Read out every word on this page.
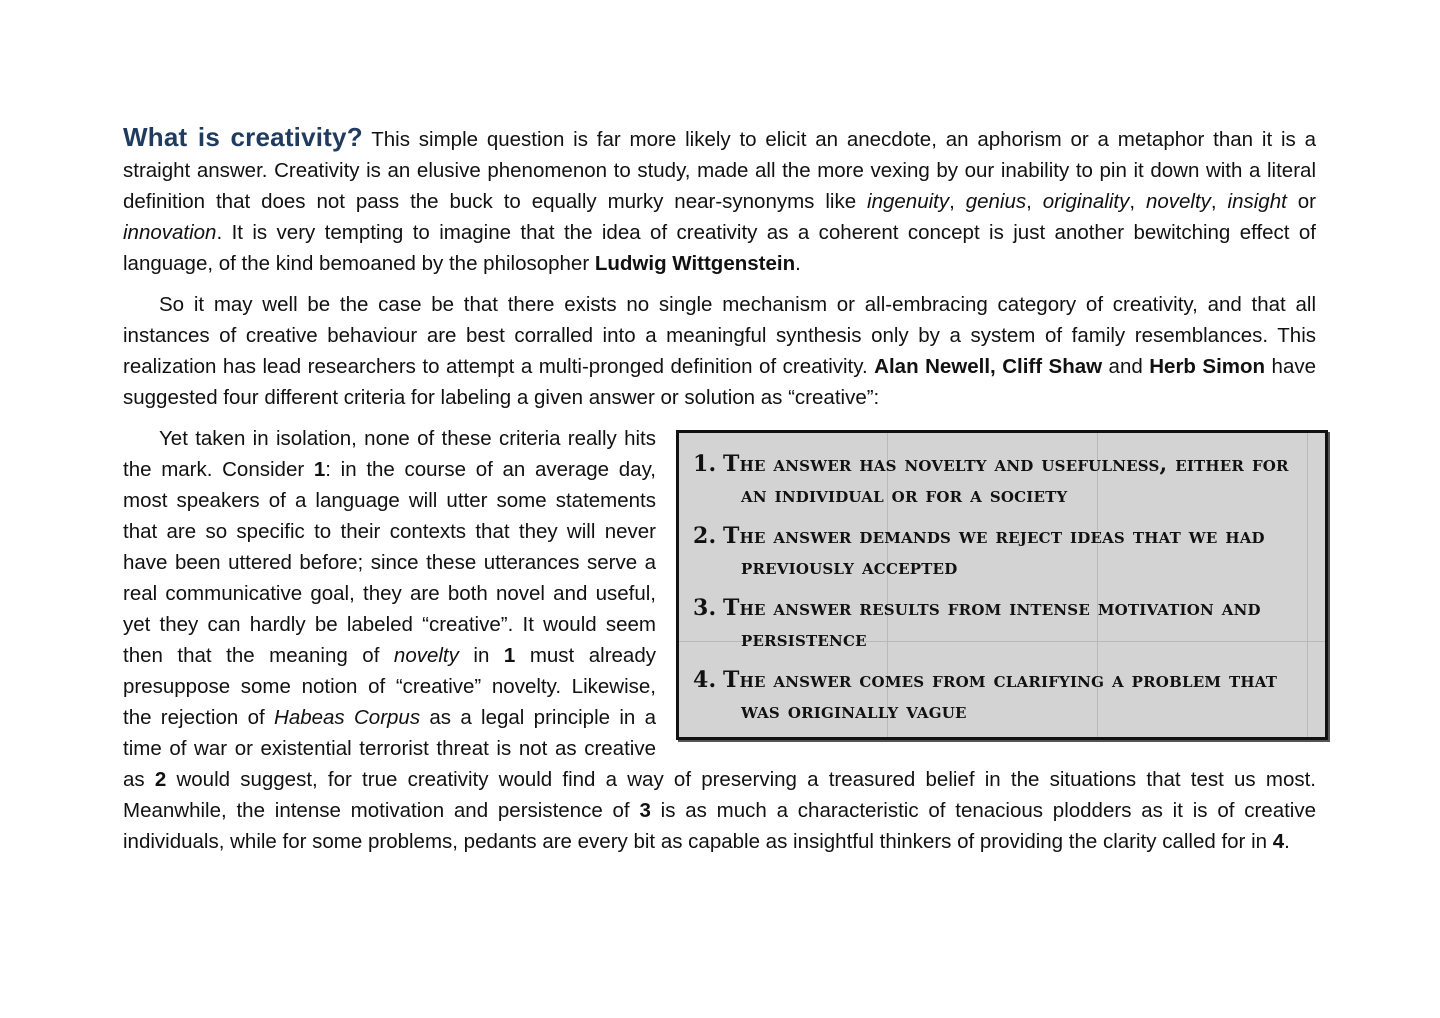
What is creativity? This simple question is far more likely to elicit an anecdote, an aphorism or a metaphor than it is a straight answer. Creativity is an elusive phenomenon to study, made all the more vexing by our inability to pin it down with a literal definition that does not pass the buck to equally murky near-synonyms like ingenuity, genius, originality, novelty, insight or innovation. It is very tempting to imagine that the idea of creativity as a coherent concept is just another bewitching effect of language, of the kind bemoaned by the philosopher Ludwig Wittgenstein.

So it may well be the case be that there exists no single mechanism or all-embracing category of creativity, and that all instances of creative behaviour are best corralled into a meaningful synthesis only by a system of family resemblances. This realization has lead researchers to attempt a multi-pronged definition of creativity. Alan Newell, Cliff Shaw and Herb Simon have suggested four different criteria for labeling a given answer or solution as “creative”:

1. The answer has novelty and usefulness, either for an individual or for a society
2. The answer demands we reject ideas that we had previously accepted
3. The answer results from intense motivation and persistence
4. The answer comes from clarifying a problem that was originally vague

Yet taken in isolation, none of these criteria really hits the mark. Consider 1: in the course of an average day, most speakers of a language will utter some statements that are so specific to their contexts that they will never have been uttered before; since these utterances serve a real communicative goal, they are both novel and useful, yet they can hardly be labeled “creative”. It would seem then that the meaning of novelty in 1 must already presuppose some notion of “creative” novelty. Likewise, the rejection of Habeas Corpus as a legal principle in a time of war or existential terrorist threat is not as creative as 2 would suggest, for true creativity would find a way of preserving a treasured belief in the situations that test us most. Meanwhile, the intense motivation and persistence of 3 is as much a characteristic of tenacious plodders as it is of creative individuals, while for some problems, pedants are every bit as capable as insightful thinkers of providing the clarity called for in 4.
